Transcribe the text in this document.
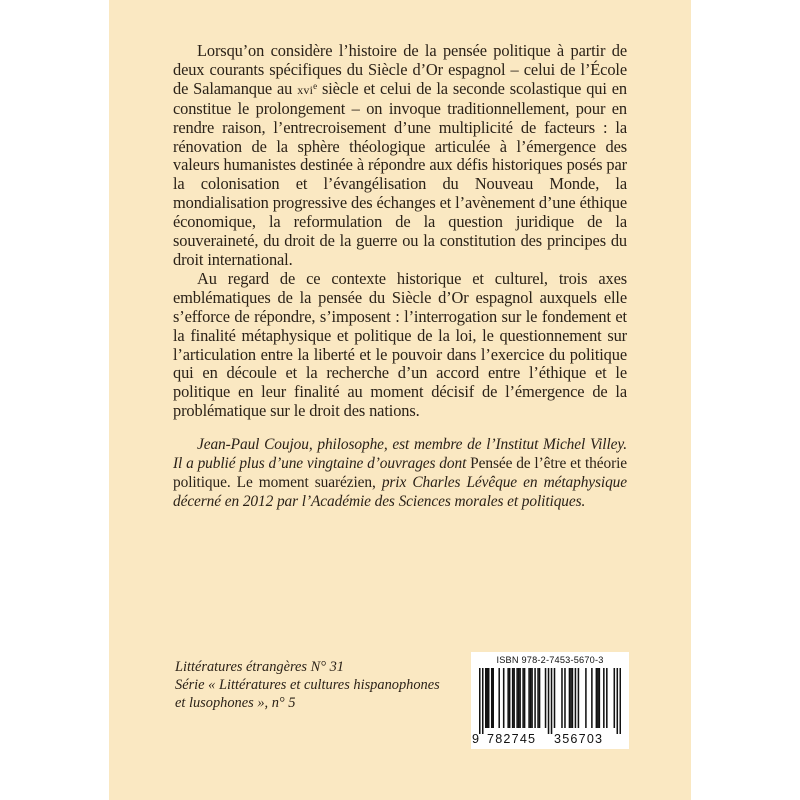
Lorsqu’on considère l’histoire de la pensée politique à partir de deux courants spécifiques du Siècle d’Or espagnol – celui de l’École de Salamanque au xvi$^e$ siècle et celui de la seconde scolastique qui en constitue le prolongement – on invoque traditionnellement, pour en rendre raison, l’entrecroisement d’une multiplicité de facteurs : la rénovation de la sphère théologique articulée à l’émergence des valeurs humanistes destinée à répondre aux défis historiques posés par la colonisation et l’évangélisation du Nouveau Monde, la mondialisation progressive des échanges et l’avènement d’une éthique économique, la reformulation de la question juridique de la souveraineté, du droit de la guerre ou la constitution des principes du droit international.

Au regard de ce contexte historique et culturel, trois axes emblématiques de la pensée du Siècle d’Or espagnol auxquels elle s’efforce de répondre, s’imposent : l’interrogation sur le fondement et la finalité métaphysique et politique de la loi, le questionnement sur l’articulation entre la liberté et le pouvoir dans l’exercice du politique qui en découle et la recherche d’un accord entre l’éthique et le politique en leur finalité au moment décisif de l’émergence de la problématique sur le droit des nations.

Jean-Paul Coujou, philosophe, est membre de l’Institut Michel Villey. Il a publié plus d’une vingtaine d’ouvrages dont Pensée de l’être et théorie politique. Le moment suarézien, prix Charles Lévêque en métaphysique décerné en 2012 par l’Académie des Sciences morales et politiques.
Littératures étrangères N° 31
Série « Littératures et cultures hispanophones
et lusophones », n° 5
ISBN 978-2-7453-5670-3
9 782745 356703
